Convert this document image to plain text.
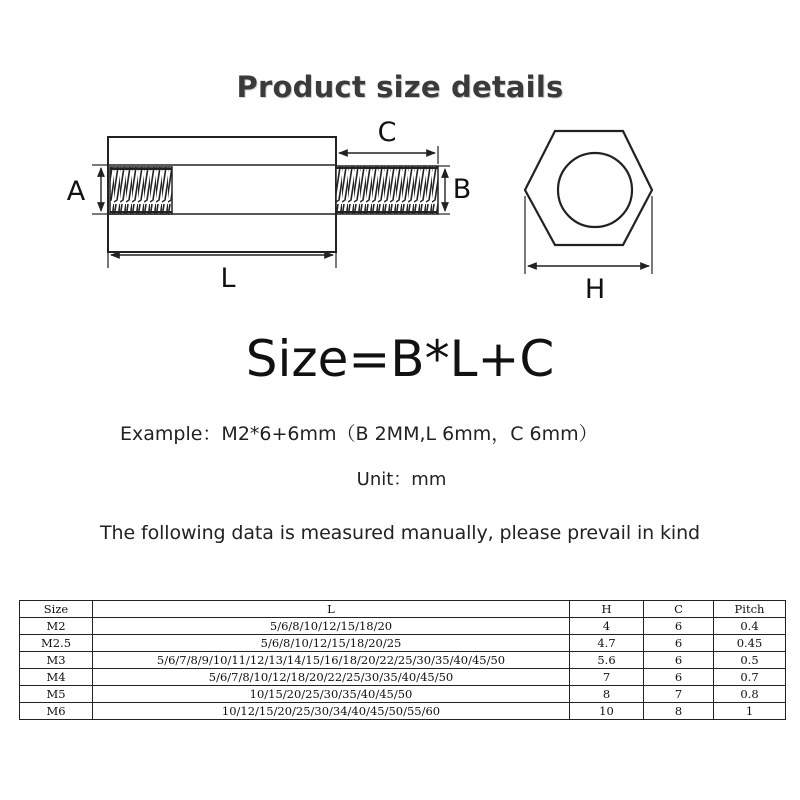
Product size details
A	B
C
L	H
Size=B*L+C
Example：M2*6+6mm（B 2MM,L 6mm，C 6mm）
Unit：mm
The following data is measured manually, please prevail in kind
Size	L	H	C	Pitch
M2	5/6/8/10/12/15/18/20	4	6	0.4
M2.5	5/6/8/10/12/15/18/20/25	4.7	6	0.45
M3	5/6/7/8/9/10/11/12/13/14/15/16/18/20/22/25/30/35/40/45/50	5.6	6	0.5
M4	5/6/7/8/10/12/18/20/22/25/30/35/40/45/50	7	6	0.7
M5	10/15/20/25/30/35/40/45/50	8	7	0.8
M6	10/12/15/20/25/30/34/40/45/50/55/60	10	8	1
